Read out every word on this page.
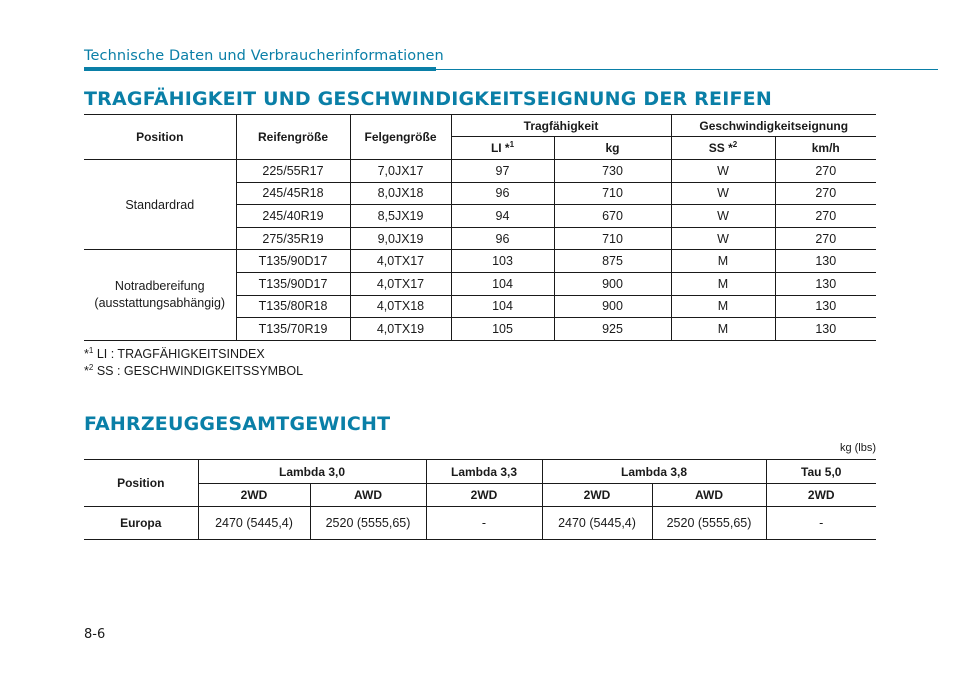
Technische Daten und Verbraucherinformationen
TRAGFÄHIGKEIT UND GESCHWINDIGKEITSEIGNUNG DER REIFEN
Position	Reifengröße	Felgengröße	Tragfähigkeit		Geschwindigkeitseignung	
			LI *$^1$	kg	SS *$^2$	km/h
Standardrad	225/55R17	7,0JX17	97	730	W	270
	245/45R18	8,0JX18	96	710	W	270
	245/40R19	8,5JX19	94	670	W	270
	275/35R19	9,0JX19	96	710	W	270

Notradbereifung
(ausstattungsabhängig)	T135/90D17	4,0TX17	103	875	M	130
	T135/90D17	4,0TX17	104	900	M	130
	T135/80R18	4,0TX18	104	900	M	130
	T135/70R19	4,0TX19	105	925	M	130
*$^1$ LI : TRAGFÄHIGKEITSINDEX
*$^2$ SS : GESCHWINDIGKEITSSYMBOL
FAHRZEUGGESAMTGEWICHT
kg (lbs)
Position	Lambda 3,0		Lambda 3,3	Lambda 3,8		Tau 5,0
	2WD	AWD	2WD	2WD	AWD	2WD
Europa	2470 (5445,4)	2520 (5555,65)	-	2470 (5445,4)	2520 (5555,65)	-
8-6
